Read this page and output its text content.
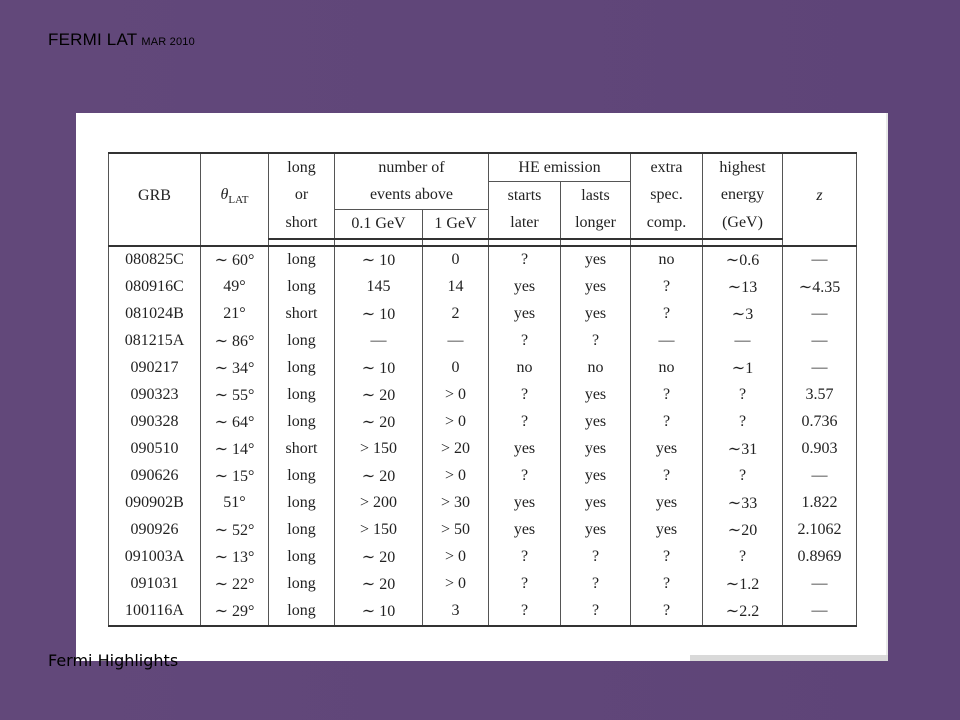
FERMI LAT MAR 2010
GRB	$\theta_{LAT}$	long	number of		HE emission		extra	highest	z
		or	events above		starts	lasts	spec.	energy	
		short	0.1 GeV	1 GeV	later	longer	comp.	(GeV)	

080825C	∼ 60°	long	∼ 10	0	?	yes	no	∼0.6	—
080916C	49°	long	145	14	yes	yes	?	∼13	∼4.35
081024B	21°	short	∼ 10	2	yes	yes	?	∼3	—
081215A	∼ 86°	long	—	—	?	?	—	—	—
090217	∼ 34°	long	∼ 10	0	no	no	no	∼1	—
090323	∼ 55°	long	∼ 20	> 0	?	yes	?	?	3.57
090328	∼ 64°	long	∼ 20	> 0	?	yes	?	?	0.736
090510	∼ 14°	short	> 150	> 20	yes	yes	yes	∼31	0.903
090626	∼ 15°	long	∼ 20	> 0	?	yes	?	?	—
090902B	51°	long	> 200	> 30	yes	yes	yes	∼33	1.822
090926	∼ 52°	long	> 150	> 50	yes	yes	yes	∼20	2.1062
091003A	∼ 13°	long	∼ 20	> 0	?	?	?	?	0.8969
091031	∼ 22°	long	∼ 20	> 0	?	?	?	∼1.2	—
100116A	∼ 29°	long	∼ 10	3	?	?	?	∼2.2	—
Fermi Highlights
